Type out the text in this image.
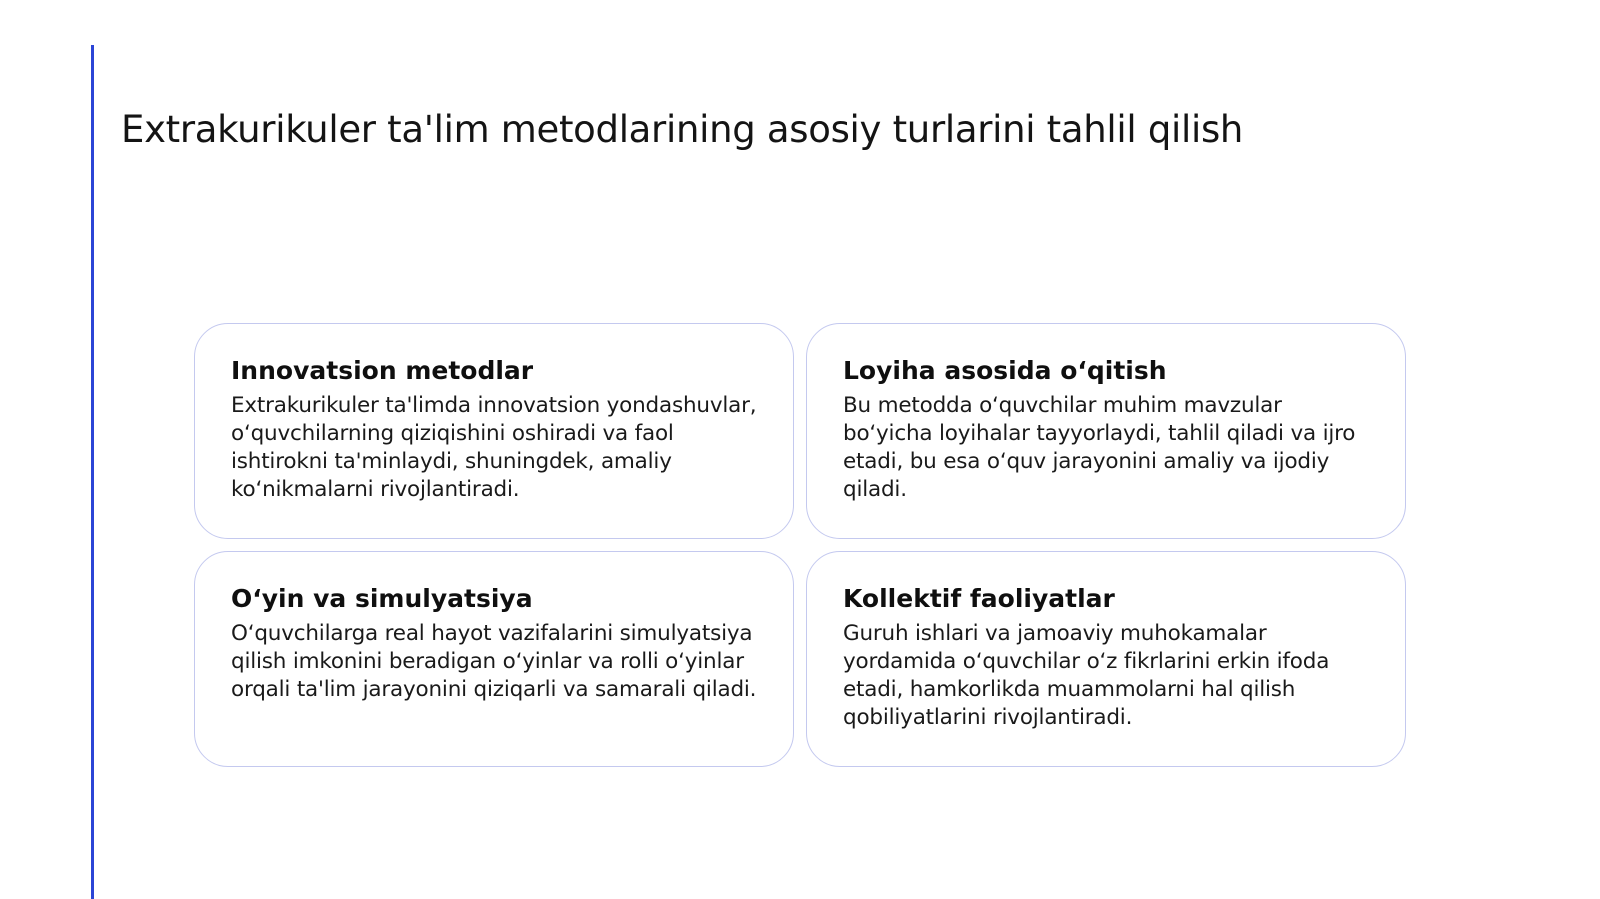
Extrakurikuler ta'lim metodlarining asosiy turlarini tahlil qilish
Innovatsion metodlar

Extrakurikuler ta'limda innovatsion yondashuvlar, o‘quvchilarning qiziqishini oshiradi va faol ishtirokni ta'minlaydi, shuningdek, amaliy ko‘nikmalarni rivojlantiradi.

Loyiha asosida o‘qitish

Bu metodda o‘quvchilar muhim mavzular bo‘yicha loyihalar tayyorlaydi, tahlil qiladi va ijro etadi, bu esa o‘quv jarayonini amaliy va ijodiy qiladi.

O‘yin va simulyatsiya

O‘quvchilarga real hayot vazifalarini simulyatsiya qilish imkonini beradigan o‘yinlar va rolli o‘yinlar orqali ta'lim jarayonini qiziqarli va samarali qiladi.

Kollektif faoliyatlar

Guruh ishlari va jamoaviy muhokamalar yordamida o‘quvchilar o‘z fikrlarini erkin ifoda etadi, hamkorlikda muammolarni hal qilish qobiliyatlarini rivojlantiradi.
